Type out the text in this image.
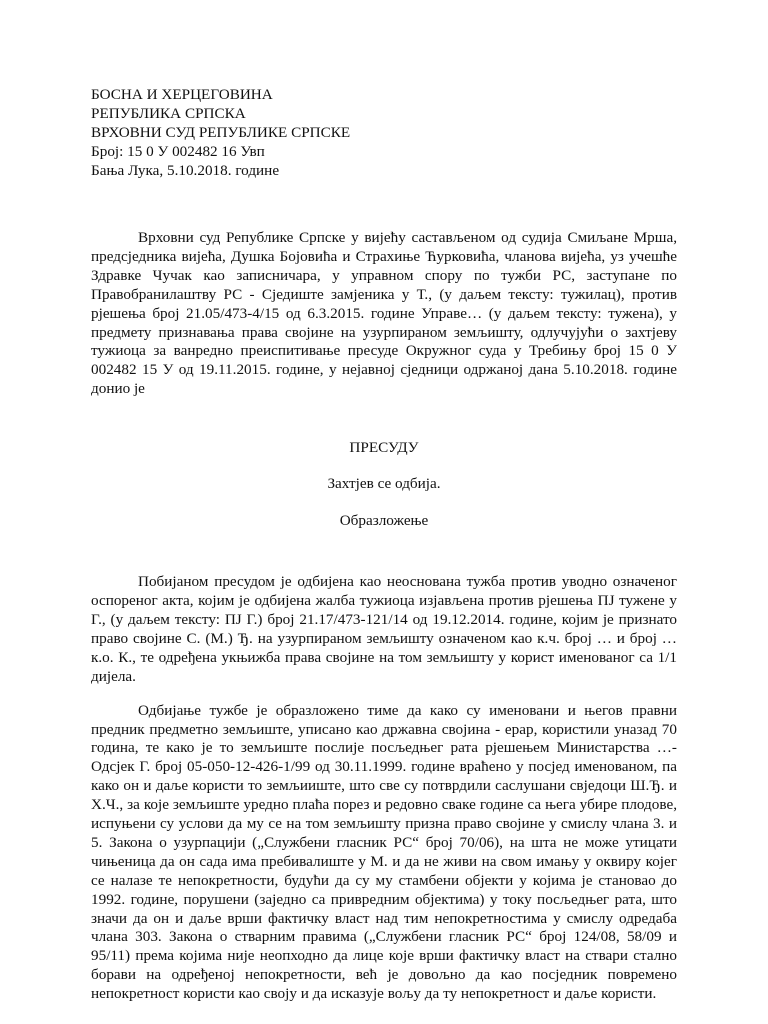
БОСНА И ХЕРЦЕГОВИНА

РЕПУБЛИКА СРПСКА

ВРХОВНИ СУД РЕПУБЛИКЕ СРПСКЕ

Број: 15 0 У 002482 16 Увп

Бања Лука, 5.10.2018. године

Врховни суд Републике Српске у вијећу састављеном од судија Смиљане Мрша, предсједника вијећа, Душка Бојовића и Страхиње Ћурковића, чланова вијећа, уз учешће Здравке Чучак као записничара, у управном спору по тужби РС, заступане по Правобранилаштву РС - Сједиште замјеника у Т., (у даљем тексту: тужилац), против рјешења број 21.05/473-4/15 од 6.3.2015. године Управе… (у даљем тексту: тужена), у предмету признавања права својине на узурпираном земљишту, одлучујући о захтјеву тужиоца за ванредно преиспитивање пресуде Окружног суда у Требињу број 15 0 У 002482 15 У од 19.11.2015. године, у нејавној сједници одржаној дана 5.10.2018. године донио је

ПРЕСУДУ

Захтјев се одбија.

Образложење

Побијаном пресудом је одбијена као неоснована тужба против уводно означеног оспореног акта, којим је одбијена жалба тужиоца изјављена против рјешења ПЈ тужене у Г., (у даљем тексту: ПЈ Г.) број 21.17/473-121/14 од 19.12.2014. године, којим је признато право својине С. (М.) Ђ. на узурпираном земљишту означеном као к.ч. број … и број … к.о. К., те одређена укњижба права својине на том земљишту у корист именованог са 1/1 дијела.

Одбијање тужбе је образложено тиме да како су именовани и његов правни предник предметно земљиште, уписано као државна својина - ерар, користили уназад 70 година, те како је то земљиште послије посљедњег рата рјешењем Министарства …- Одсјек Г. број 05-050-12-426-1/99 од 30.11.1999. године враћено у посјед именованом, па како он и даље користи то земљииште, што све су потврдили саслушани свједоци Ш.Ђ. и Х.Ч., за које земљиште уредно плаћа порез и редовно сваке године са њега убире плодове, испуњени су услови да му се на том земљишту призна право својине у смислу члана 3. и 5. Закона о узурпацији („Службени гласник РС“ број 70/06), на шта не може утицати чињеница да он сада има пребивалиште у М. и да не живи на свом имању у оквиру којег се налазе те непокретности, будући да су му стамбени објекти у којима је становао до 1992. године, порушени (заједно са привредним објектима) у току посљедњег рата, што значи да он и даље врши фактичку власт над тим непокретностима у смислу одредаба члана 303. Закона о стварним правима („Службени гласник РС“ број 124/08, 58/09 и 95/11) према којима није неопходно да лице које врши фактичку власт на ствари стално борави на одређеној непокретности, већ је довољно да као посједник повремено непокретност користи као своју и да исказује вољу да ту непокретност и даље користи.
